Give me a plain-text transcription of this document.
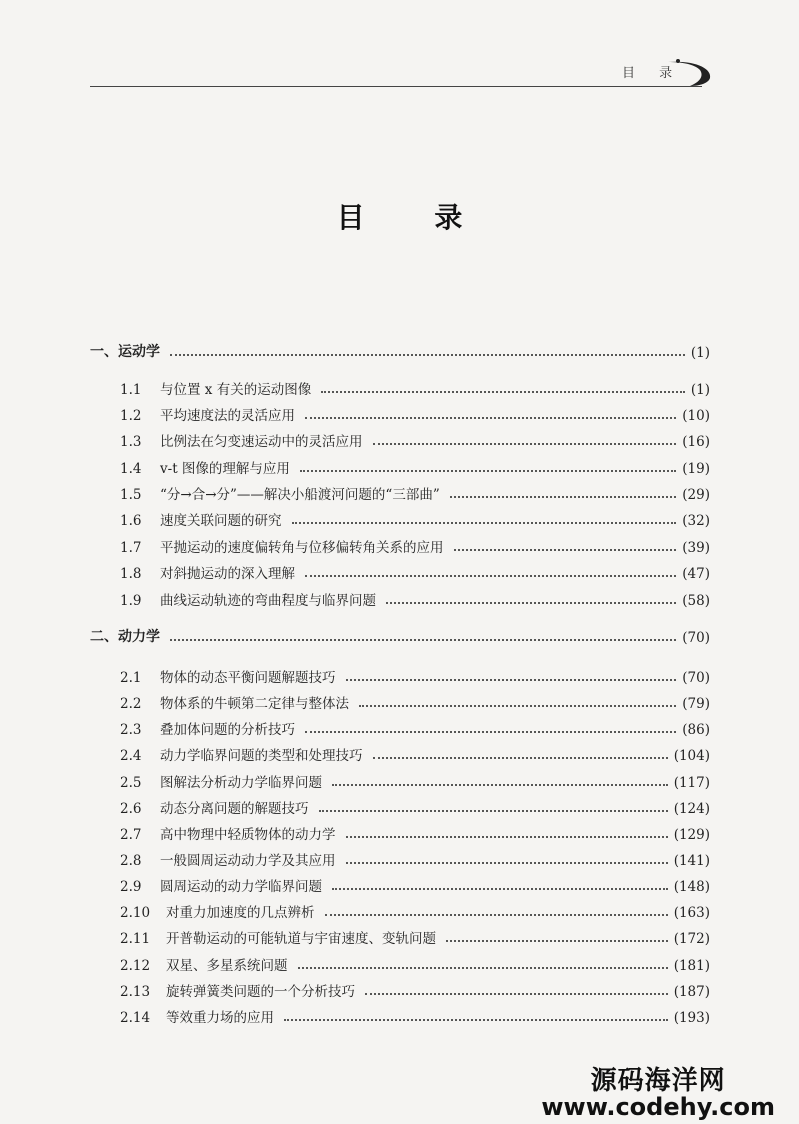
目 录
目 录
一、运动学	(1)
1.1	与位置 x 有关的运动图像	(1)
1.2	平均速度法的灵活应用	(10)
1.3	比例法在匀变速运动中的灵活应用	(16)
1.4	v-t 图像的理解与应用	(19)
1.5	“分→合→分”——解决小船渡河问题的“三部曲”	(29)
1.6	速度关联问题的研究	(32)
1.7	平抛运动的速度偏转角与位移偏转角关系的应用	(39)
1.8	对斜抛运动的深入理解	(47)
1.9	曲线运动轨迹的弯曲程度与临界问题	(58)
二、动力学	(70)
2.1	物体的动态平衡问题解题技巧	(70)
2.2	物体系的牛顿第二定律与整体法	(79)
2.3	叠加体问题的分析技巧	(86)
2.4	动力学临界问题的类型和处理技巧	(104)
2.5	图解法分析动力学临界问题	(117)
2.6	动态分离问题的解题技巧	(124)
2.7	高中物理中轻质物体的动力学	(129)
2.8	一般圆周运动动力学及其应用	(141)
2.9	圆周运动的动力学临界问题	(148)
2.10	对重力加速度的几点辨析	(163)
2.11	开普勒运动的可能轨道与宇宙速度、变轨问题	(172)
2.12	双星、多星系统问题	(181)
2.13	旋转弹簧类问题的一个分析技巧	(187)
2.14	等效重力场的应用	(193)
源码海洋网
www.codehy.com
